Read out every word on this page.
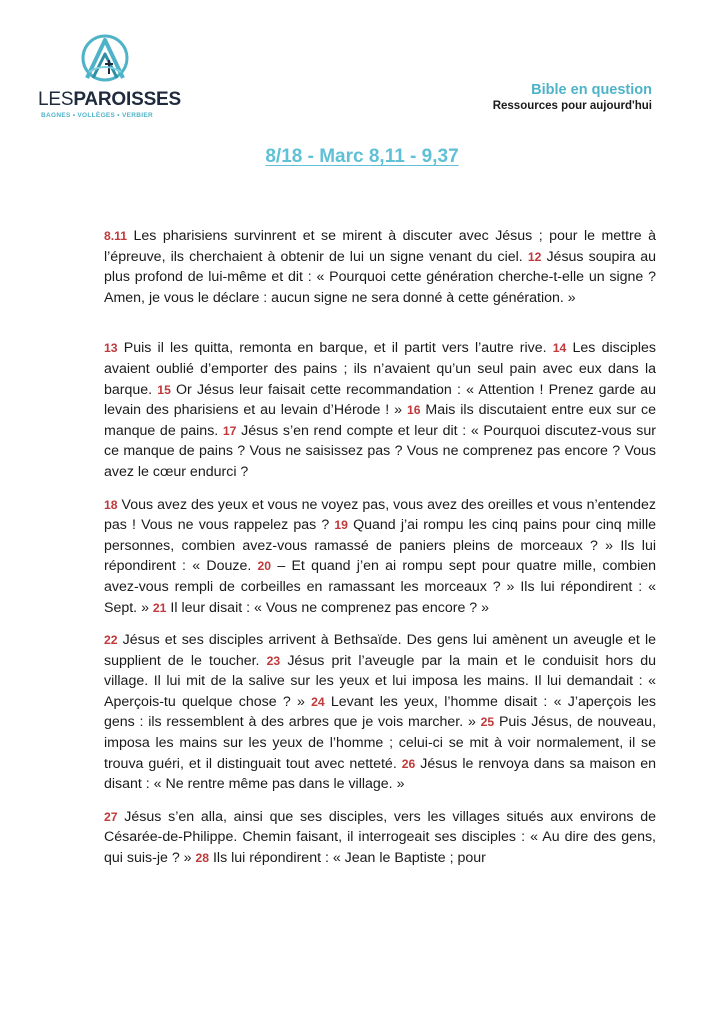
LESPAROISSES
BAGNES • VOLLÈGES • VERBIER
Bible en question
Ressources pour aujourd'hui
8/18 - Marc 8,11 - 9,37

8.11 Les pharisiens survinrent et se mirent à discuter avec Jésus ; pour le mettre à l’épreuve, ils cherchaient à obtenir de lui un signe venant du ciel. 12 Jésus soupira au plus profond de lui-même et dit : « Pourquoi cette génération cherche-t-elle un signe ? Amen, je vous le déclare : aucun signe ne sera donné à cette génération. »

13 Puis il les quitta, remonta en barque, et il partit vers l’autre rive. 14 Les disciples avaient oublié d’emporter des pains ; ils n’avaient qu’un seul pain avec eux dans la barque. 15 Or Jésus leur faisait cette recommandation : « Attention ! Prenez garde au levain des pharisiens et au levain d’Hérode ! » 16 Mais ils discutaient entre eux sur ce manque de pains. 17 Jésus s’en rend compte et leur dit : « Pourquoi discutez-vous sur ce manque de pains ? Vous ne saisissez pas ? Vous ne comprenez pas encore ? Vous avez le cœur endurci ?

18 Vous avez des yeux et vous ne voyez pas, vous avez des oreilles et vous n’entendez pas ! Vous ne vous rappelez pas ? 19 Quand j’ai rompu les cinq pains pour cinq mille personnes, combien avez-vous ramassé de paniers pleins de morceaux ? » Ils lui répondirent : « Douze. 20 – Et quand j’en ai rompu sept pour quatre mille, combien avez-vous rempli de corbeilles en ramassant les morceaux ? » Ils lui répondirent : « Sept. » 21 Il leur disait : « Vous ne comprenez pas encore ? »

22 Jésus et ses disciples arrivent à Bethsaïde. Des gens lui amènent un aveugle et le supplient de le toucher. 23 Jésus prit l’aveugle par la main et le conduisit hors du village. Il lui mit de la salive sur les yeux et lui imposa les mains. Il lui demandait : « Aperçois-tu quelque chose ? » 24 Levant les yeux, l’homme disait : « J’aperçois les gens : ils ressemblent à des arbres que je vois marcher. » 25 Puis Jésus, de nouveau, imposa les mains sur les yeux de l’homme ; celui-ci se mit à voir normalement, il se trouva guéri, et il distinguait tout avec netteté. 26 Jésus le renvoya dans sa maison en disant : « Ne rentre même pas dans le village. »

27 Jésus s’en alla, ainsi que ses disciples, vers les villages situés aux environs de Césarée-de-Philippe. Chemin faisant, il interrogeait ses disciples : « Au dire des gens, qui suis-je ? » 28 Ils lui répondirent : « Jean le Baptiste ; pour
